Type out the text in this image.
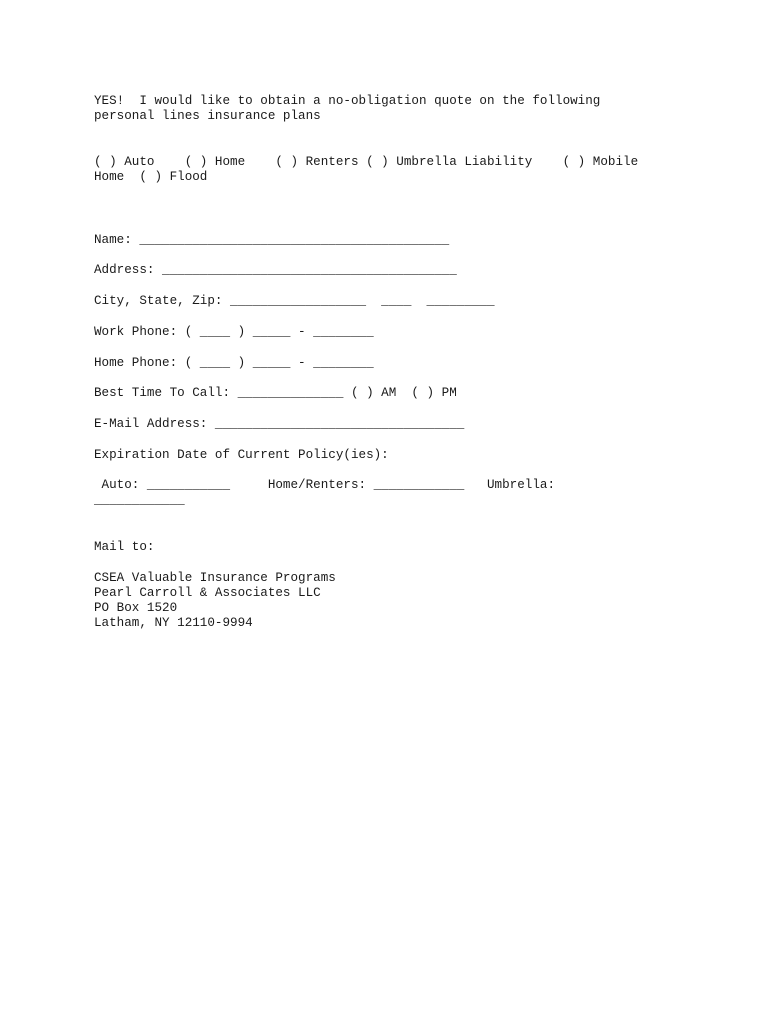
YES!  I would like to obtain a no-obligation quote on the following
personal lines insurance plans
( ) Auto    ( ) Home    ( ) Renters ( ) Umbrella Liability    ( ) Mobile
Home  ( ) Flood
Name: _________________________________________
Address: _______________________________________
City, State, Zip: __________________  ____  _________
Work Phone: ( ____ ) _____ - ________
Home Phone: ( ____ ) _____ - ________
Best Time To Call: ______________ ( ) AM  ( ) PM
E-Mail Address: _________________________________
Expiration Date of Current Policy(ies):
Auto: ___________     Home/Renters: ____________   Umbrella:
____________
Mail to:
CSEA Valuable Insurance Programs
Pearl Carroll & Associates LLC
PO Box 1520
Latham, NY 12110-9994
